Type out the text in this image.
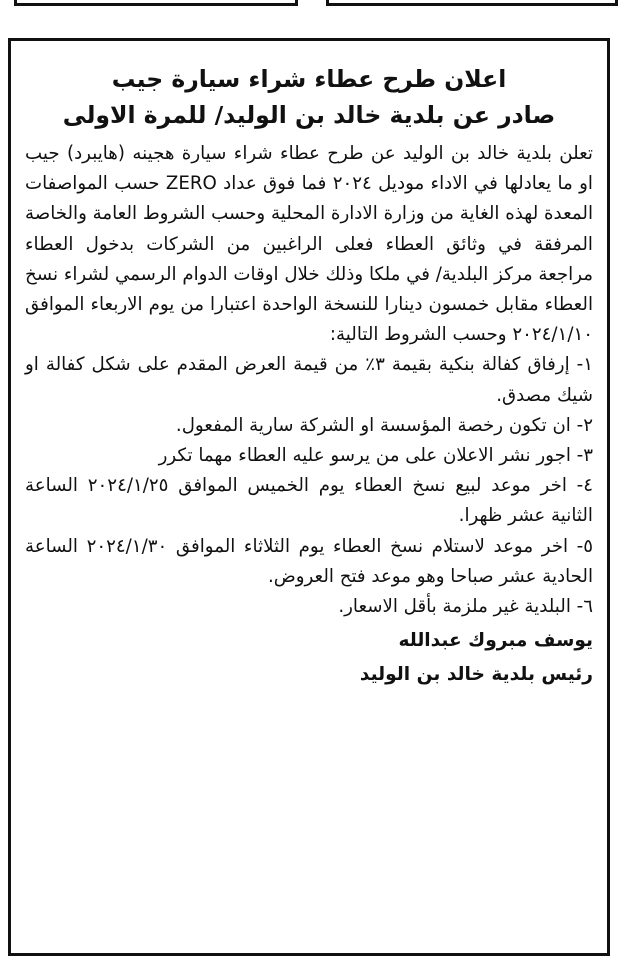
اعلان طرح عطاء شراء سيارة جيب
صادر عن بلدية خالد بن الوليد/ للمرة الاولى

تعلن بلدية خالد بن الوليد عن طرح عطاء شراء سيارة هجينه (هايبرد) جيب او ما يعادلها في الاداء موديل ٢٠٢٤ فما فوق عداد ZERO حسب المواصفات المعدة لهذه الغاية من وزارة الادارة المحلية وحسب الشروط العامة والخاصة المرفقة في وثائق العطاء فعلى الراغبين من الشركات بدخول العطاء مراجعة مركز البلدية/ في ملكا وذلك خلال اوقات الدوام الرسمي لشراء نسخ العطاء مقابل خمسون دينارا للنسخة الواحدة اعتبارا من يوم الاربعاء الموافق ٢٠٢٤/١/١٠ وحسب الشروط التالية:

١- إرفاق كفالة بنكية بقيمة ٣٪ من قيمة العرض المقدم على شكل كفالة او شيك مصدق.

٢- ان تكون رخصة المؤسسة او الشركة سارية المفعول.

٣- اجور نشر الاعلان على من يرسو عليه العطاء مهما تكرر

٤- اخر موعد لبيع نسخ العطاء يوم الخميس الموافق ٢٠٢٤/١/٢٥ الساعة الثانية عشر ظهرا.

٥- اخر موعد لاستلام نسخ العطاء يوم الثلاثاء الموافق ٢٠٢٤/١/٣٠ الساعة الحادية عشر صباحا وهو موعد فتح العروض.

٦- البلدية غير ملزمة بأقل الاسعار.

يوسف مبروك عبدالله
رئيس بلدية خالد بن الوليد
